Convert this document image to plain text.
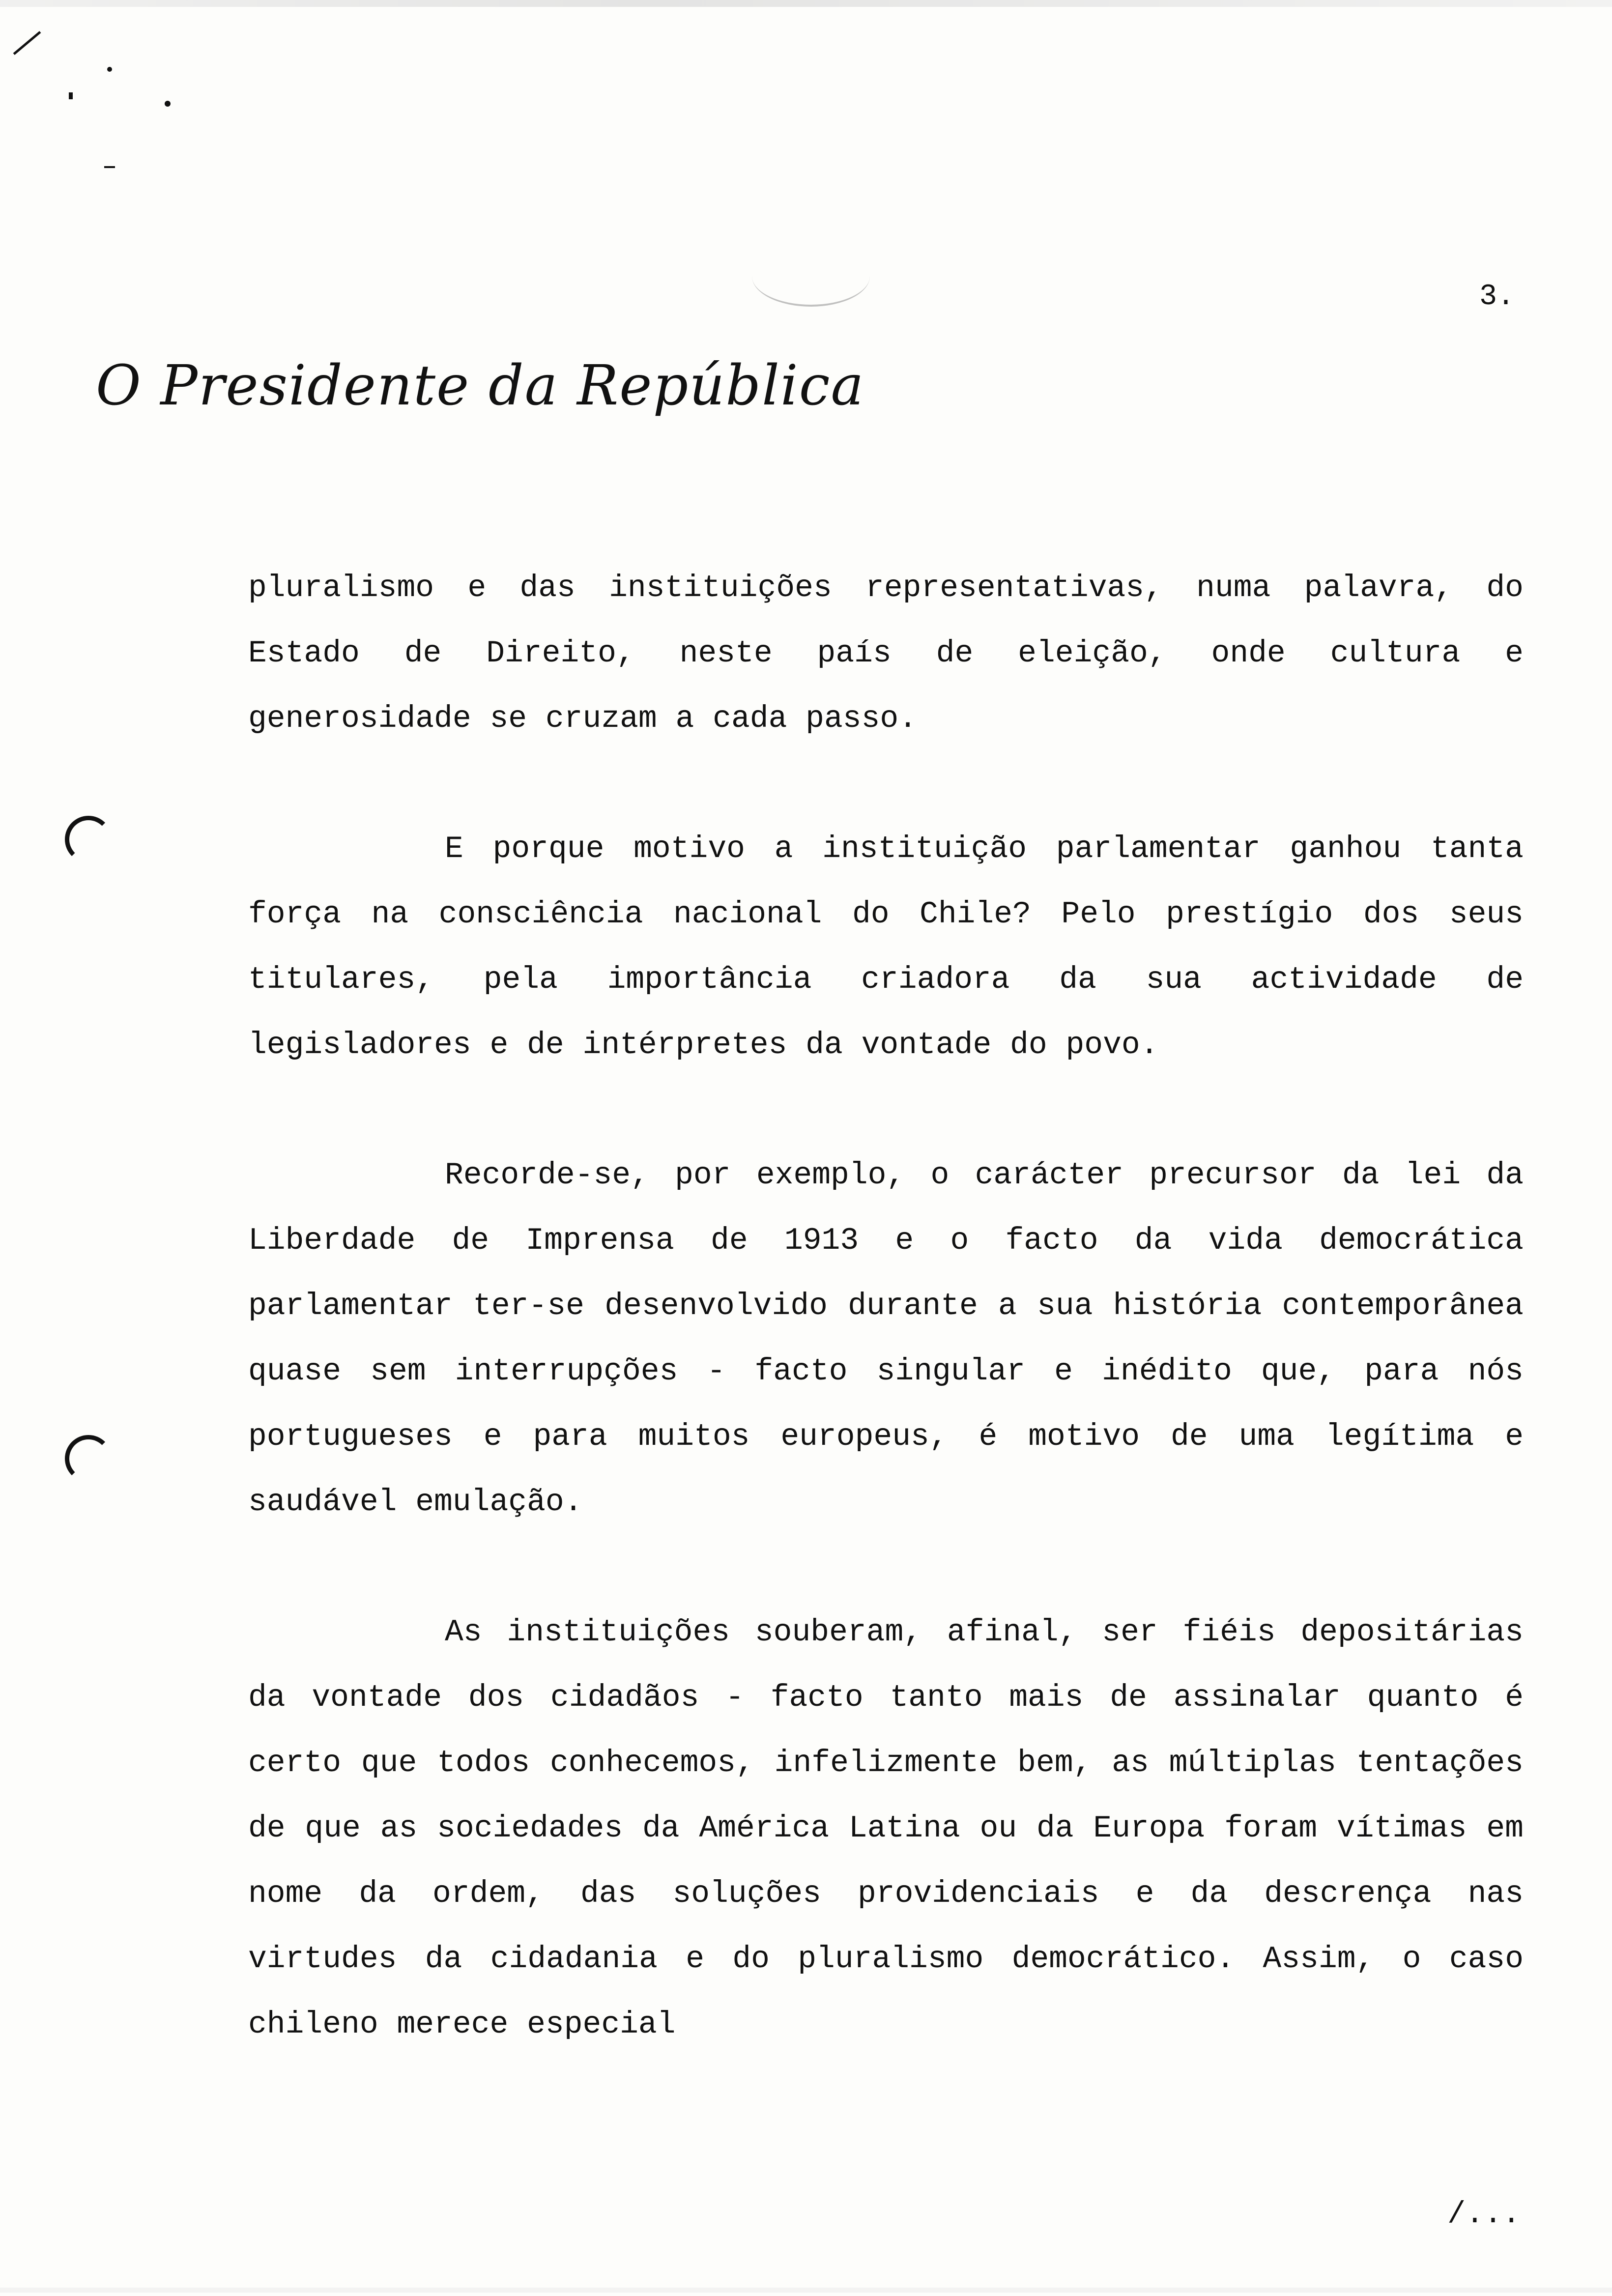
3.
O Presidente da República

pluralismo e das instituições representativas, numa palavra, do Estado de Direito, neste país de eleição, onde cultura e generosidade se cruzam a cada passo.

E porque motivo a instituição parlamentar ganhou tanta força na consciência nacional do Chile? Pelo prestígio dos seus titulares, pela importância criadora da sua actividade de legisladores e de intérpretes da vontade do povo.

Recorde-se, por exemplo, o carácter precursor da lei da Liberdade de Imprensa de 1913 e o facto da vida democrática parlamentar ter-se desenvolvido durante a sua história contemporânea quase sem interrupções - facto singular e inédito que, para nós portugueses e para muitos europeus, é motivo de uma legítima e saudável emulação.

As instituições souberam, afinal, ser fiéis depositárias da vontade dos cidadãos - facto tanto mais de assinalar quanto é certo que todos conhecemos, infelizmente bem, as múltiplas tentações de que as sociedades da América Latina ou da Europa foram vítimas em nome da ordem, das soluções providenciais e da descrença nas virtudes da cidadania e do pluralismo democrático. Assim, o caso chileno merece especial

/...
